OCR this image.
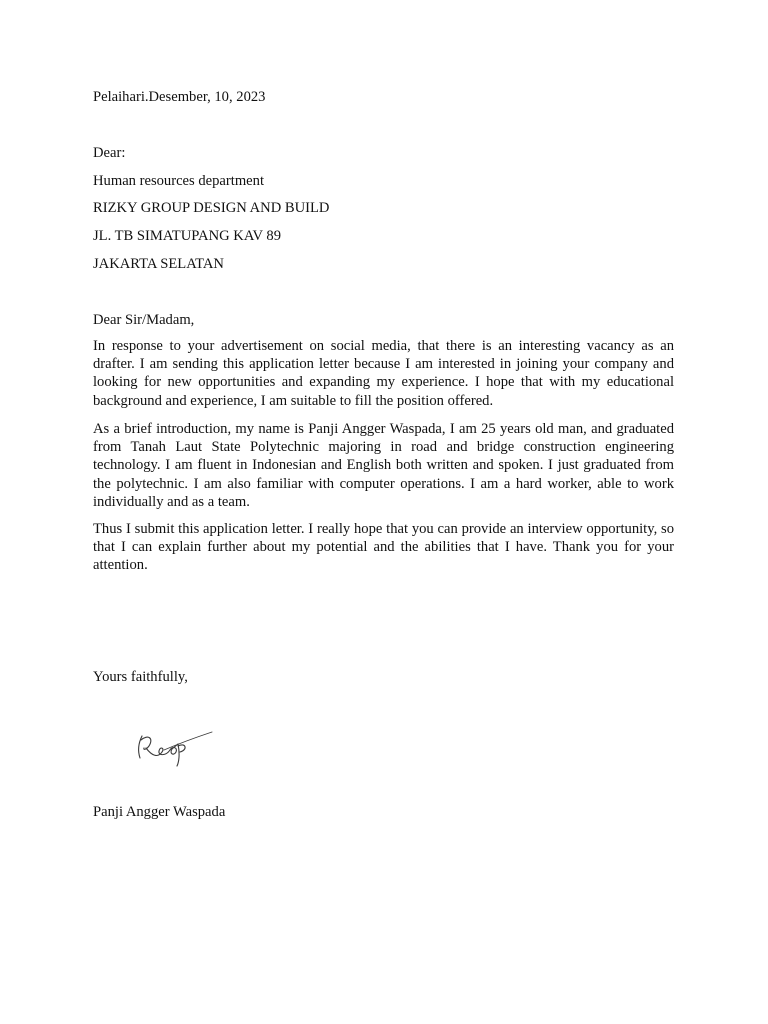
Pelaihari.Desember, 10, 2023
Dear:
Human resources department
RIZKY GROUP DESIGN AND BUILD
JL. TB SIMATUPANG KAV 89
JAKARTA SELATAN
Dear Sir/Madam,
In response to your advertisement on social media, that there is an interesting vacancy as an drafter. I am sending this application letter because I am interested in joining your company and looking for new opportunities and expanding my experience. I hope that with my educational background and experience, I am suitable to fill the position offered.
As a brief introduction, my name is Panji Angger Waspada, I am 25 years old man, and graduated from Tanah Laut State Polytechnic majoring in road and bridge construction engineering technology. I am fluent in Indonesian and English both written and spoken. I just graduated from the polytechnic. I am also familiar with computer operations. I am a hard worker, able to work individually and as a team.
Thus I submit this application letter. I really hope that you can provide an interview opportunity, so that I can explain further about my potential and the abilities that I have. Thank you for your attention.
Yours faithfully,
Panji Angger Waspada
